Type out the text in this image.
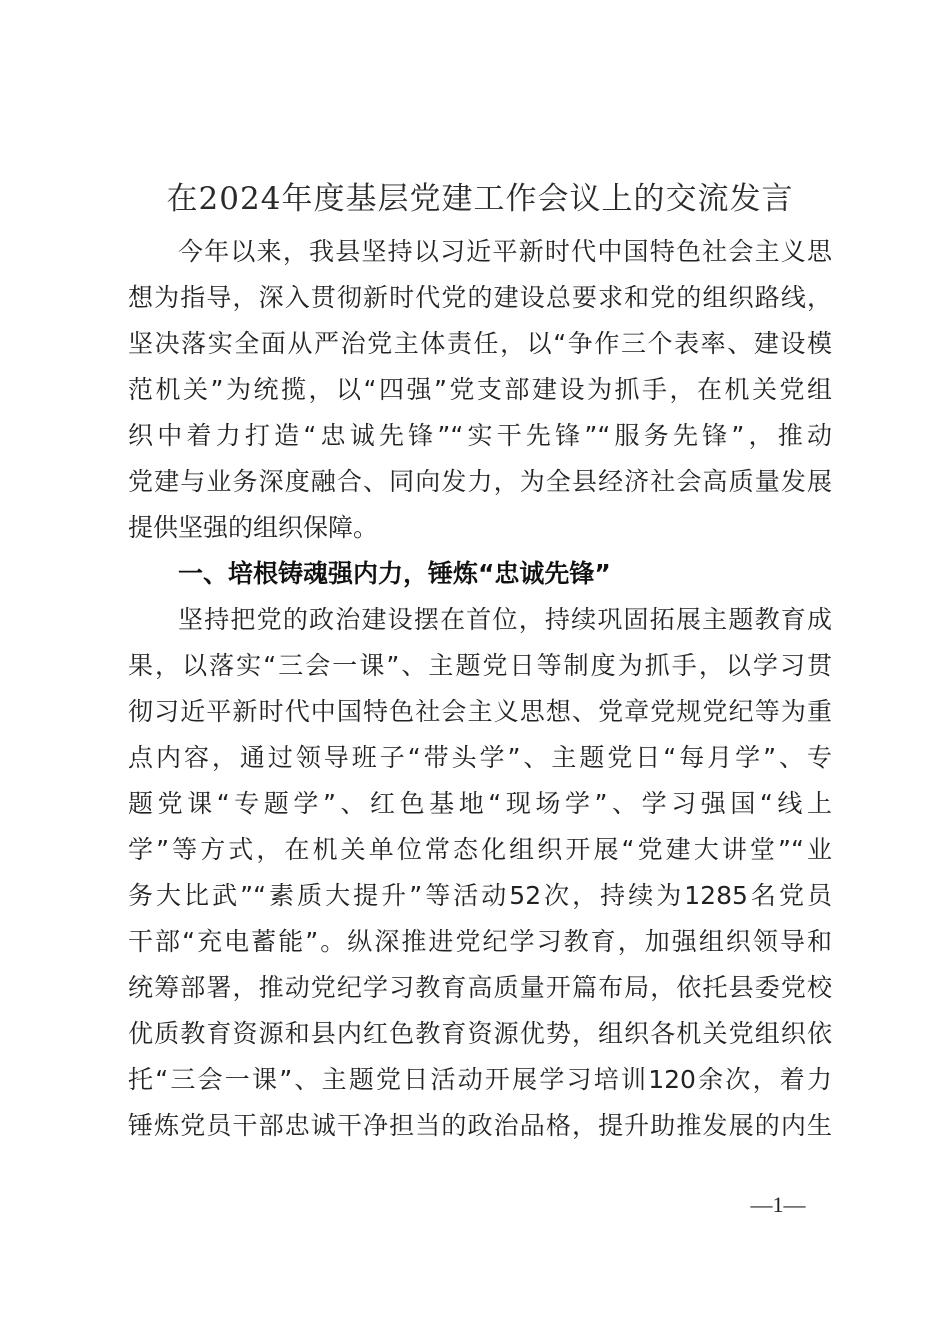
在2024年度基层党建工作会议上的交流发言
今年以来，我县坚持以习近平新时代中国特色社会主义思
想为指导，深入贯彻新时代党的建设总要求和党的组织路线，
坚决落实全面从严治党主体责任，以“争作三个表率、建设模
范机关”为统揽，以“四强”党支部建设为抓手，在机关党组
织中着力打造“忠诚先锋”“实干先锋”“服务先锋”，推动
党建与业务深度融合、同向发力，为全县经济社会高质量发展
提供坚强的组织保障。
一、培根铸魂强内力，锤炼“忠诚先锋”
坚持把党的政治建设摆在首位，持续巩固拓展主题教育成
果，以落实“三会一课”、主题党日等制度为抓手，以学习贯
彻习近平新时代中国特色社会主义思想、党章党规党纪等为重
点内容，通过领导班子“带头学”、主题党日“每月学”、专
题党课“专题学”、红色基地“现场学”、学习强国“线上
学”等方式，在机关单位常态化组织开展“党建大讲堂”“业
务大比武”“素质大提升”等活动52次，持续为1285名党员
干部“充电蓄能”。纵深推进党纪学习教育，加强组织领导和
统筹部署，推动党纪学习教育高质量开篇布局，依托县委党校
优质教育资源和县内红色教育资源优势，组织各机关党组织依
托“三会一课”、主题党日活动开展学习培训120余次，着力
锤炼党员干部忠诚干净担当的政治品格，提升助推发展的内生
—1—
